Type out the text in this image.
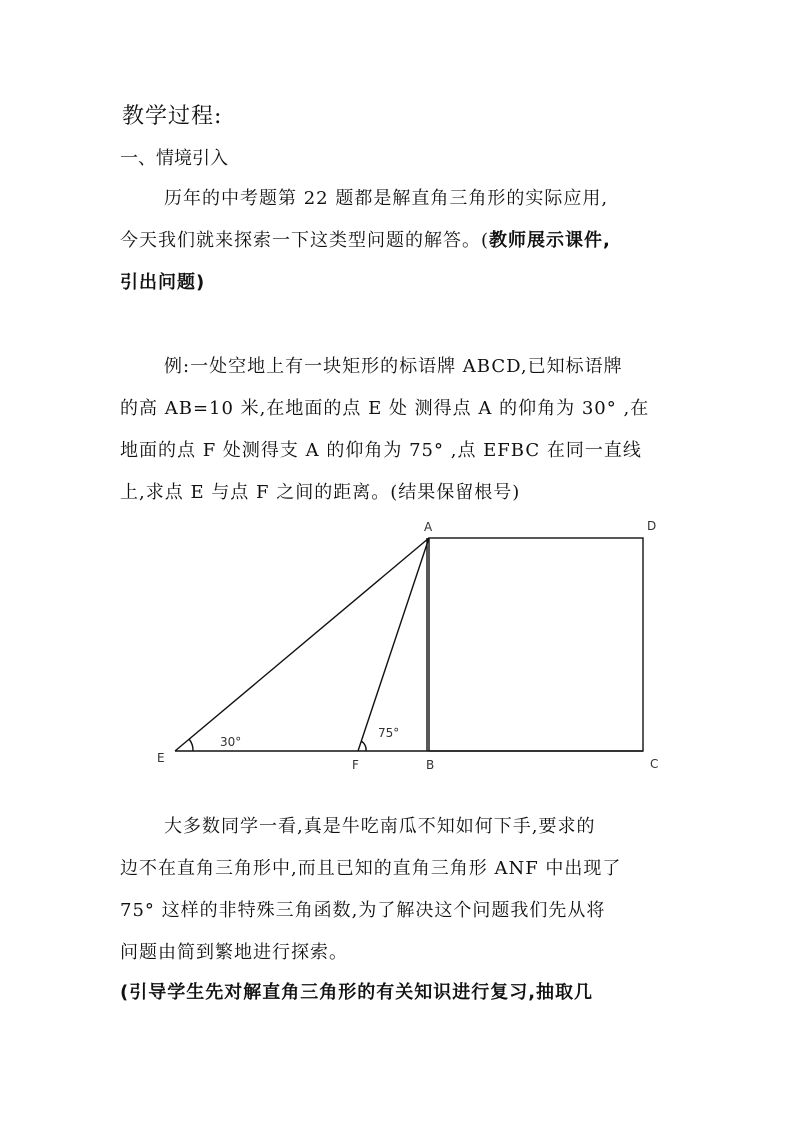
教学过程:
一、情境引入
历年的中考题第 22 题都是解直角三角形的实际应用,
今天我们就来探索一下这类型问题的解答。(教师展示课件,
引出问题)
例:一处空地上有一块矩形的标语牌 ABCD,已知标语牌
的高 AB=10 米,在地面的点 E 处 测得点 A 的仰角为 30° ,在
地面的点 F 处测得支 A 的仰角为 75° ,点 EFBC 在同一直线
上,求点 E 与点 F 之间的距离。(结果保留根号)
A	D
E	F	B	C
30°
75°
大多数同学一看,真是牛吃南瓜不知如何下手,要求的
边不在直角三角形中,而且已知的直角三角形 ANF 中出现了
75° 这样的非特殊三角函数,为了解决这个问题我们先从将
问题由简到繁地进行探索。
(引导学生先对解直角三角形的有关知识进行复习,抽取几
